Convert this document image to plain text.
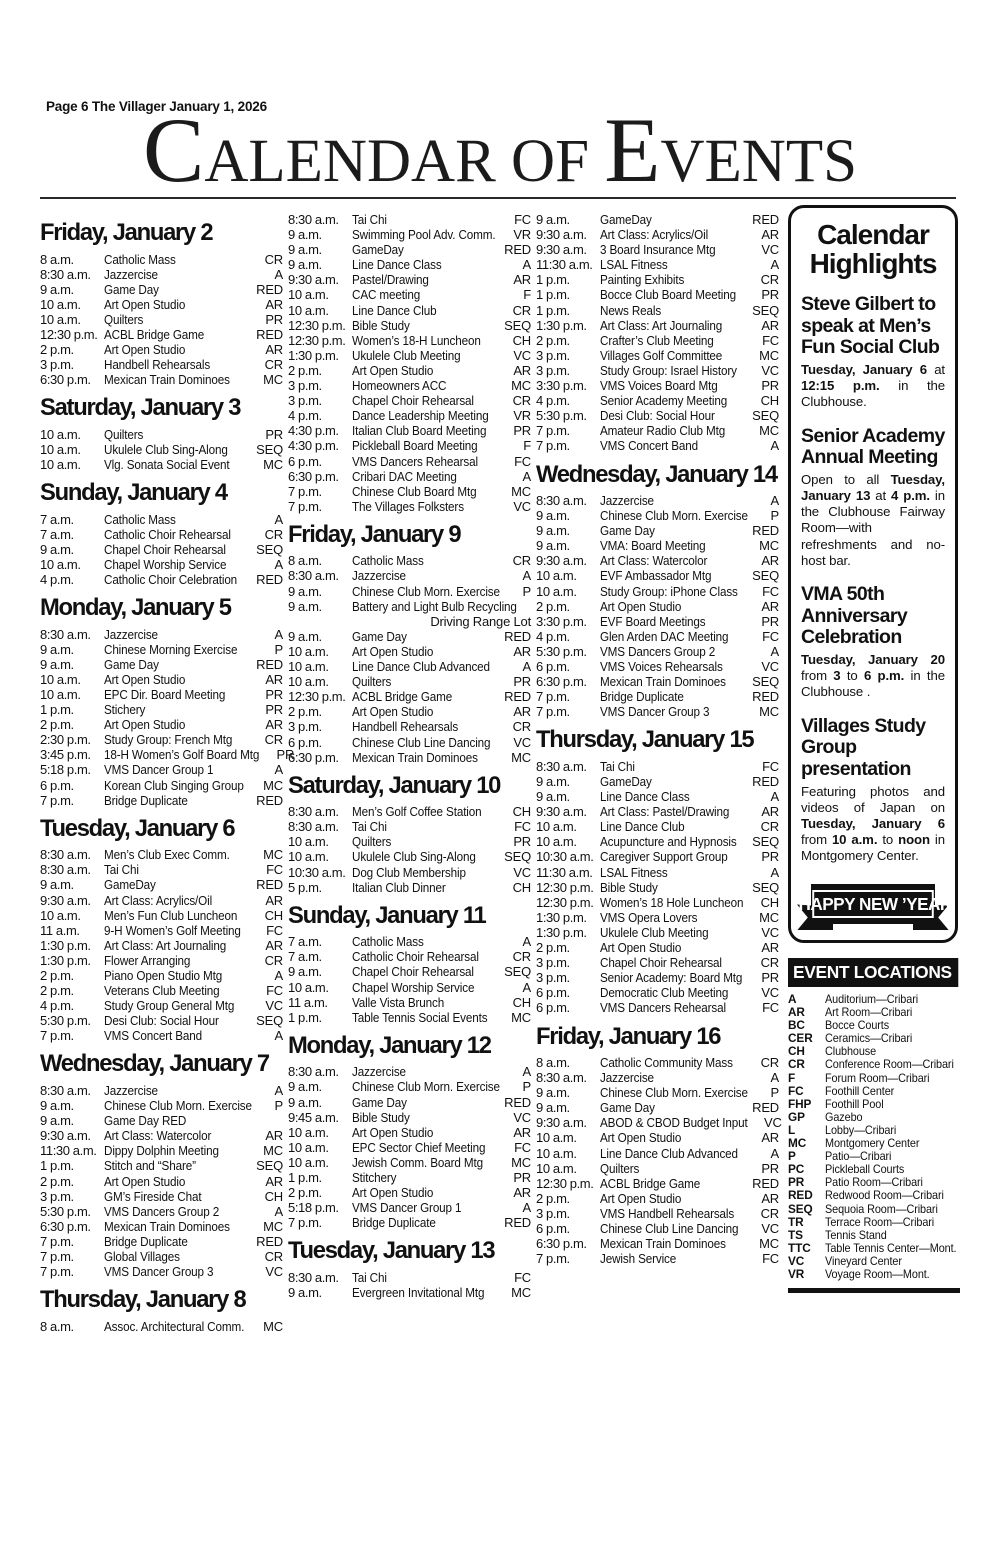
Page 6 The Villager January 1, 2026
CALENDAR OF EVENTS
Friday, January 2
8 a.m.	Catholic Mass	CR
8:30 a.m.	Jazzercise	A
9 a.m.	Game Day	RED
10 a.m.	Art Open Studio	AR
10 a.m.	Quilters	PR
12:30 p.m. ACBL Bridge Game	RED
2 p.m.	Art Open Studio	AR
3 p.m.	Handbell Rehearsals	CR
6:30 p.m.	Mexican Train Dominoes	MC
Saturday, January 3
10 a.m.	Quilters	PR
10 a.m.	Ukulele Club Sing-Along	SEQ
10 a.m.	Vlg. Sonata Social Event	MC
Sunday, January 4
7 a.m.	Catholic Mass	A
7 a.m.	Catholic Choir Rehearsal	CR
9 a.m.	Chapel Choir Rehearsal	SEQ
10 a.m.	Chapel Worship Service	A
4 p.m.	Catholic Choir Celebration RED
Monday, January 5
8:30 a.m.	Jazzercise	A
9 a.m.	Chinese Morning Exercise	P
9 a.m.	Game Day	RED
10 a.m.	Art Open Studio	AR
10 a.m.	EPC Dir. Board Meeting	PR
1 p.m.	Stichery	PR
2 p.m.	Art Open Studio	AR
2:30 p.m.	Study Group: French Mtg	CR
3:45 p.m.	18-H Women’s Golf Board Mtg PR
5:18 p.m.	VMS Dancer Group 1	A
6 p.m.	Korean Club Singing Group MC
7 p.m.	Bridge Duplicate	RED
Tuesday, January 6
8:30 a.m.	Men’s Club Exec Comm.	MC
8:30 a.m.	Tai Chi	FC
9 a.m.	GameDay	RED
9:30 a.m.	Art Class: Acrylics/Oil	AR
10 a.m.	Men’s Fun Club Luncheon	CH
11 a.m.	9-H Women’s Golf Meeting	FC
1:30 p.m.	Art Class: Art Journaling	AR
1:30 p.m.	Flower Arranging	CR
2 p.m.	Piano Open Studio Mtg	A
2 p.m.	Veterans Club Meeting	FC
4 p.m.	Study Group General Mtg	VC
5:30 p.m.	Desi Club: Social Hour	SEQ
7 p.m.	VMS Concert Band	A
Wednesday, January 7
8:30 a.m.	Jazzercise	A
9 a.m.	Chinese Club Morn. Exercise	P
9 a.m.	Game Day RED
9:30 a.m.	Art Class: Watercolor	AR
11:30 a.m. Dippy Dolphin Meeting	MC
1 p.m.	Stitch and “Share”	SEQ
2 p.m.	Art Open Studio	AR
3 p.m.	GM’s Fireside Chat	CH
5:30 p.m.	VMS Dancers Group 2	A
6:30 p.m.	Mexican Train Dominoes	MC
7 p.m.	Bridge Duplicate	RED
7 p.m.	Global Villages	CR
7 p.m.	VMS Dancer Group 3	VC
Thursday, January 8
8 a.m.	Assoc. Architectural Comm. MC
8:30 a.m.	Tai Chi	FC
9 a.m.	Swimming Pool Adv. Comm. VR
9 a.m.	GameDay	RED
9 a.m.	Line Dance Class	A
9:30 a.m.	Pastel/Drawing	AR
10 a.m.	CAC meeting	F
10 a.m.	Line Dance Club	CR
12:30 p.m. Bible Study	SEQ
12:30 p.m. Women’s 18-H Luncheon	CH
1:30 p.m.	Ukulele Club Meeting	VC
2 p.m.	Art Open Studio	AR
3 p.m.	Homeowners ACC	MC
3 p.m.	Chapel Choir Rehearsal	CR
4 p.m.	Dance Leadership Meeting	VR
4:30 p.m.	Italian Club Board Meeting	PR
4:30 p.m.	Pickleball Board Meeting	F
6 p.m.	VMS Dancers Rehearsal	FC
6:30 p.m.	Cribari DAC Meeting	A
7 p.m.	Chinese Club Board Mtg	MC
7 p.m.	The Villages Folksters	VC
Friday, January 9
8 a.m.	Catholic Mass	CR
8:30 a.m.	Jazzercise	A
9 a.m.	Chinese Club Morn. Exercise	P
9 a.m.	Battery and Light Bulb Recycling
Driving Range Lot
9 a.m.	Game Day	RED
10 a.m.	Art Open Studio	AR
10 a.m.	Line Dance Club Advanced	A
10 a.m.	Quilters	PR
12:30 p.m. ACBL Bridge Game	RED
2 p.m.	Art Open Studio	AR
3 p.m.	Handbell Rehearsals	CR
6 p.m.	Chinese Club Line Dancing	VC
6:30 p.m.	Mexican Train Dominoes	MC
Saturday, January 10
8:30 a.m.	Men’s Golf Coffee Station	CH
8:30 a.m.	Tai Chi	FC
10 a.m.	Quilters	PR
10 a.m.	Ukulele Club Sing-Along	SEQ
10:30 a.m. Dog Club Membership	VC
5 p.m.	Italian Club Dinner	CH
Sunday, January 11
7 a.m.	Catholic Mass	A
7 a.m.	Catholic Choir Rehearsal	CR
9 a.m.	Chapel Choir Rehearsal	SEQ
10 a.m.	Chapel Worship Service	A
11 a.m.	Valle Vista Brunch	CH
1 p.m.	Table Tennis Social Events	MC
Monday, January 12
8:30 a.m.	Jazzercise	A
9 a.m.	Chinese Club Morn. Exercise	P
9 a.m.	Game Day	RED
9:45 a.m.	Bible Study	VC
10 a.m.	Art Open Studio	AR
10 a.m.	EPC Sector Chief Meeting	FC
10 a.m.	Jewish Comm. Board Mtg	MC
1 p.m.	Stitchery	PR
2 p.m.	Art Open Studio	AR
5:18 p.m.	VMS Dancer Group 1	A
7 p.m.	Bridge Duplicate	RED
Tuesday, January 13
8:30 a.m.	Tai Chi	FC
9 a.m.	Evergreen Invitational Mtg	MC
9 a.m.	GameDay	RED
9:30 a.m.	Art Class: Acrylics/Oil	AR
9:30 a.m.	3 Board Insurance Mtg	VC
11:30 a.m. LSAL Fitness	A
1 p.m.	Painting Exhibits	CR
1 p.m.	Bocce Club Board Meeting	PR
1 p.m.	News Reals	SEQ
1:30 p.m.	Art Class: Art Journaling	AR
2 p.m.	Crafter’s Club Meeting	FC
3 p.m.	Villages Golf Committee	MC
3 p.m.	Study Group: Israel History	VC
3:30 p.m.	VMS Voices Board Mtg	PR
4 p.m.	Senior Academy Meeting	CH
5:30 p.m.	Desi Club: Social Hour	SEQ
7 p.m.	Amateur Radio Club Mtg	MC
7 p.m.	VMS Concert Band	A
Wednesday, January 14
8:30 a.m.	Jazzercise	A
9 a.m.	Chinese Club Morn. Exercise	P
9 a.m.	Game Day	RED
9 a.m.	VMA: Board Meeting	MC
9:30 a.m.	Art Class: Watercolor	AR
10 a.m.	EVF Ambassador Mtg	SEQ
10 a.m.	Study Group: iPhone Class	FC
2 p.m.	Art Open Studio	AR
3:30 p.m.	EVF Board Meetings	PR
4 p.m.	Glen Arden DAC Meeting	FC
5:30 p.m.	VMS Dancers Group 2	A
6 p.m.	VMS Voices Rehearsals	VC
6:30 p.m.	Mexican Train Dominoes	SEQ
7 p.m.	Bridge Duplicate	RED
7 p.m.	VMS Dancer Group 3	MC
Thursday, January 15
8:30 a.m.	Tai Chi	FC
9 a.m.	GameDay	RED
9 a.m.	Line Dance Class	A
9:30 a.m.	Art Class: Pastel/Drawing	AR
10 a.m.	Line Dance Club	CR
10 a.m.	Acupuncture and Hypnosis SEQ
10:30 a.m. Caregiver Support Group	PR
11:30 a.m. LSAL Fitness	A
12:30 p.m. Bible Study	SEQ
12:30 p.m. Women’s 18 Hole Luncheon CH
1:30 p.m.	VMS Opera Lovers	MC
1:30 p.m.	Ukulele Club Meeting	VC
2 p.m.	Art Open Studio	AR
3 p.m.	Chapel Choir Rehearsal	CR
3 p.m.	Senior Academy: Board Mtg PR
6 p.m.	Democratic Club Meeting	VC
6 p.m.	VMS Dancers Rehearsal	FC
Friday, January 16
8 a.m.	Catholic Community Mass	CR
8:30 a.m.	Jazzercise	A
9 a.m.	Chinese Club Morn. Exercise	P
9 a.m.	Game Day	RED
9:30 a.m.	ABOD & CBOD Budget Input VC
10 a.m.	Art Open Studio	AR
10 a.m.	Line Dance Club Advanced	A
10 a.m.	Quilters	PR
12:30 p.m. ACBL Bridge Game	RED
2 p.m.	Art Open Studio	AR
3 p.m.	VMS Handbell Rehearsals	CR
6 p.m.	Chinese Club Line Dancing	VC
6:30 p.m.	Mexican Train Dominoes	MC
7 p.m.	Jewish Service	FC
Calendar Highlights
Steve Gilbert to speak at Men’s Fun Social Club

Tuesday, January 6 at 12:15 p.m. in the Clubhouse.

Senior Academy Annual Meeting

Open to all Tuesday, January 13 at 4 p.m. in the Clubhouse Fairway Room—with refreshments and no-host bar.

VMA 50th Anniversary Celebration

Tuesday, January 20 from 3 to 6 p.m. in the Clubhouse .

Villages Study Group presentation

Featuring photos and videos of Japan on Tuesday, January 6 from 10 a.m. to noon in Montgomery Center.

’HAPPY NEW ’YEAR
EVENT LOCATIONS
A	Auditorium—Cribari
AR	Art Room—Cribari
BC	Bocce Courts
CER	Ceramics—Cribari
CH	Clubhouse
CR	Conference Room—Cribari
F	Forum Room—Cribari
FC	Foothill Center
FHP	Foothill Pool
GP	Gazebo
L	Lobby—Cribari
MC	Montgomery Center
P	Patio—Cribari
PC	Pickleball Courts
PR	Patio Room—Cribari
RED	Redwood Room—Cribari
SEQ	Sequoia Room—Cribari
TR	Terrace Room—Cribari
TS	Tennis Stand
TTC	Table Tennis Center—Mont.
VC	Vineyard Center
VR	Voyage Room—Mont.
